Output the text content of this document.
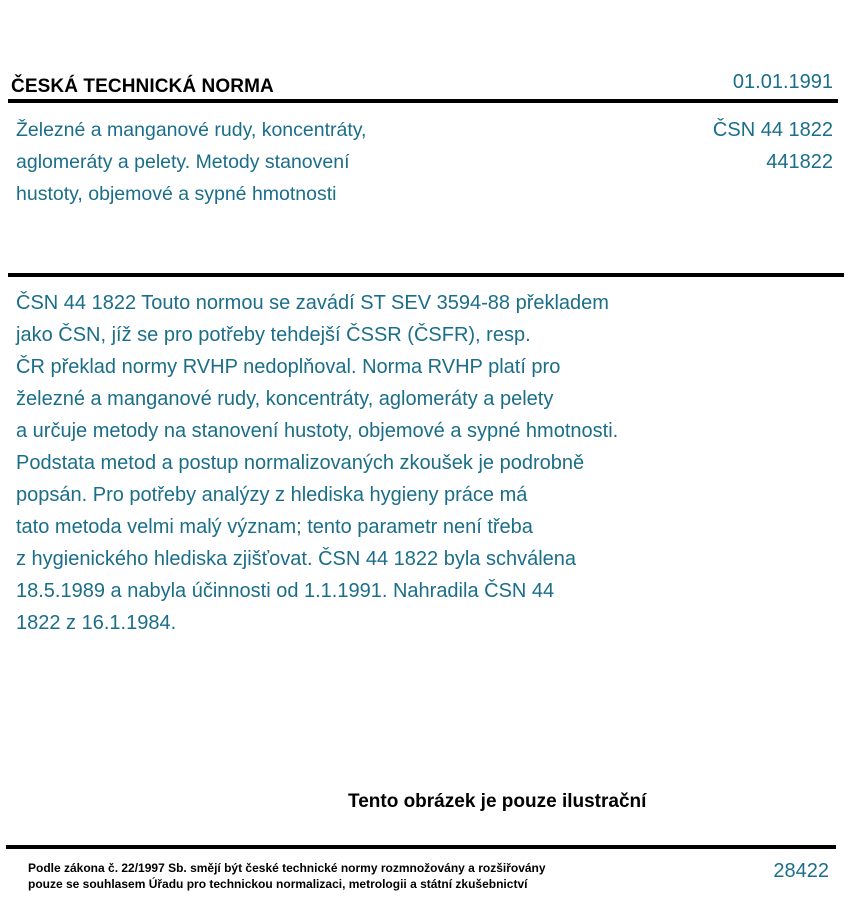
ČESKÁ TECHNICKÁ NORMA	01.01.1991
Železné a manganové rudy, koncentráty,
aglomeráty a pelety. Metody stanovení
hustoty, objemové a sypné hmotnosti
ČSN 44 1822
441822
ČSN 44 1822 Touto normou se zavádí ST SEV 3594-88 překladem
jako ČSN, jíž se pro potřeby tehdejší ČSSR (ČSFR), resp.
ČR překlad normy RVHP nedoplňoval. Norma RVHP platí pro
železné a manganové rudy, koncentráty, aglomeráty a pelety
a určuje metody na stanovení hustoty, objemové a sypné hmotnosti.
Podstata metod a postup normalizovaných zkoušek je podrobně
popsán. Pro potřeby analýzy z hlediska hygieny práce má
tato metoda velmi malý význam; tento parametr není třeba
z hygienického hlediska zjišťovat. ČSN 44 1822 byla schválena
18.5.1989 a nabyla účinnosti od 1.1.1991. Nahradila ČSN 44
1822 z 16.1.1984.
Tento obrázek je pouze ilustrační
Podle zákona č. 22/1997 Sb. smějí být české technické normy rozmnožovány a rozšiřovány
pouze se souhlasem Úřadu pro technickou normalizaci, metrologii a státní zkušebnictví
28422
